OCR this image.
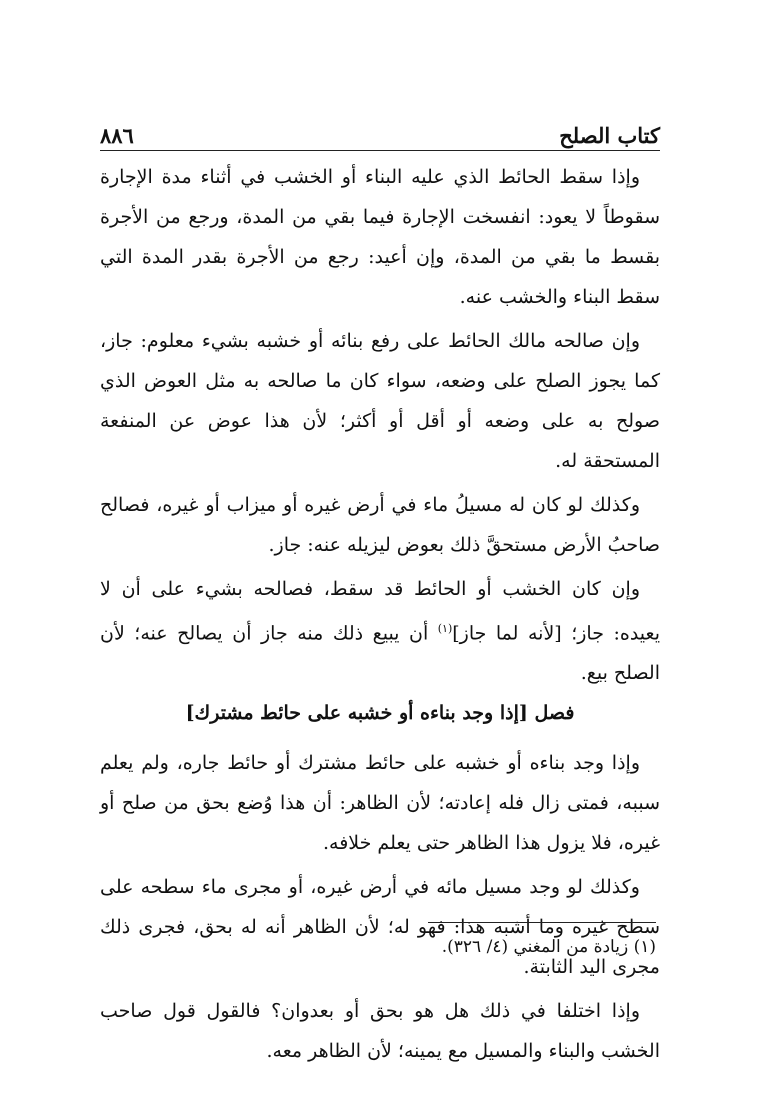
كتاب الصلح
٨٨٦

وإذا سقط الحائط الذي عليه البناء أو الخشب في أثناء مدة الإجارة سقوطاً لا يعود: انفسخت الإجارة فيما بقي من المدة، ورجع من الأجرة بقسط ما بقي من المدة، وإن أعيد: رجع من الأجرة بقدر المدة التي سقط البناء والخشب عنه.

وإن صالحه مالك الحائط على رفع بنائه أو خشبه بشيء معلوم: جاز، كما يجوز الصلح على وضعه، سواء كان ما صالحه به مثل العوض الذي صولح به على وضعه أو أقل أو أكثر؛ لأن هذا عوض عن المنفعة المستحقة له.

وكذلك لو كان له مسيلُ ماء في أرض غيره أو ميزاب أو غيره، فصالح صاحبُ الأرض مستحقَّ ذلك بعوض ليزيله عنه: جاز.

وإن كان الخشب أو الحائط قد سقط، فصالحه بشيء على أن لا يعيده: جاز؛ [لأنه لما جاز]$^{(١)}$ أن يبيع ذلك منه جاز أن يصالح عنه؛ لأن الصلح بيع.

فصل [إذا وجد بناءه أو خشبه على حائط مشترك]

وإذا وجد بناءه أو خشبه على حائط مشترك أو حائط جاره، ولم يعلم سببه، فمتى زال فله إعادته؛ لأن الظاهر: أن هذا وُضع بحق من صلح أو غيره، فلا يزول هذا الظاهر حتى يعلم خلافه.

وكذلك لو وجد مسيل مائه في أرض غيره، أو مجرى ماء سطحه على سطح غيره وما أشبه هذا: فهو له؛ لأن الظاهر أنه له بحق، فجرى ذلك مجرى اليد الثابتة.

وإذا اختلفا في ذلك هل هو بحق أو بعدوان؟ فالقول قول صاحب الخشب والبناء والمسيل مع يمينه؛ لأن الظاهر معه.

(١) زيادة من المغني (٤/ ٣٢٦).
